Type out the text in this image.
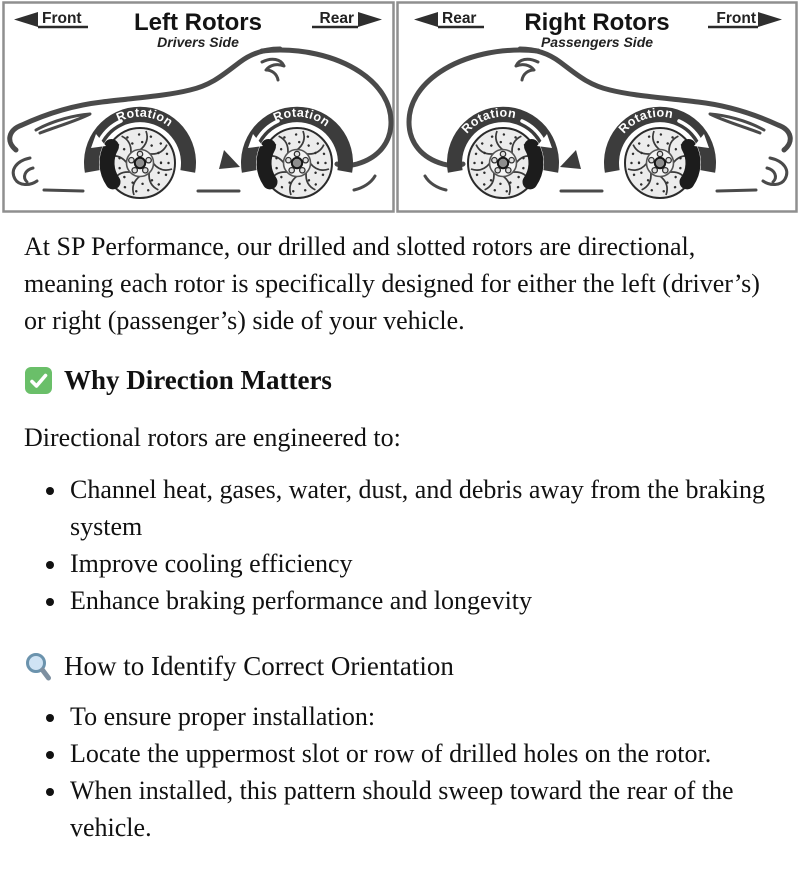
Front Left Rotors
Drivers Side
Rear	Rear Right Rotors
Passengers Side
Front
Rotation	Rotation	Rotation
Rotation

At SP Performance, our drilled and slotted rotors are directional, meaning each rotor is specifically designed for either the left (driver’s) or right (passenger’s) side of your vehicle.

Why Direction Matters

Directional rotors are engineered to:

• Channel heat, gases, water, dust, and debris away from the braking system
• Improve cooling efficiency
• Enhance braking performance and longevity
How to Identify Correct Orientation
• To ensure proper installation:
• Locate the uppermost slot or row of drilled holes on the rotor.
• When installed, this pattern should sweep toward the rear of the vehicle.
